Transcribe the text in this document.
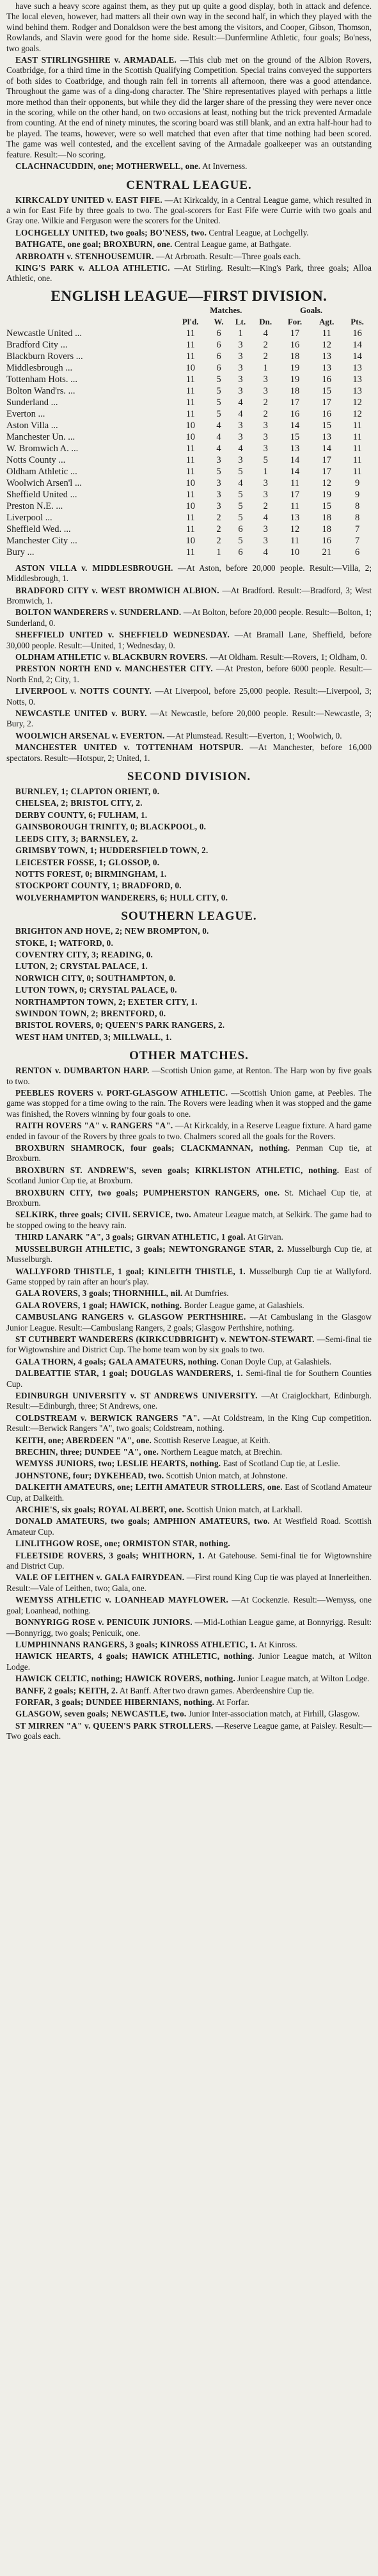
have such a heavy score against them, as they put up quite a good display, both in attack and defence. The local eleven, however, had matters all their own way in the second half, in which they played with the wind behind them. Rodger and Donaldson were the best among the visitors, and Cooper, Gibson, Thomson, Rowlands, and Slavin were good for the home side. Result:—Dunfermline Athletic, four goals; Bo'ness, two goals.

EAST STIRLINGSHIRE v. ARMADALE. —This club met on the ground of the Albion Rovers, Coatbridge, for a third time in the Scottish Qualifying Competition. Special trains conveyed the supporters of both sides to Coatbridge, and though rain fell in torrents all afternoon, there was a good attendance. Throughout the game was of a ding-dong character. The 'Shire representatives played with perhaps a little more method than their opponents, but while they did the larger share of the pressing they were never once in the scoring, while on the other hand, on two occasions at least, nothing but the trick prevented Armadale from counting. At the end of ninety minutes, the scoring board was still blank, and an extra half-hour had to be played. The teams, however, were so well matched that even after that time nothing had been scored. The game was well contested, and the excellent saving of the Armadale goalkeeper was an outstanding feature. Result:—No scoring.

CLACHNACUDDIN, one; MOTHERWELL, one. At Inverness.

CENTRAL LEAGUE.

KIRKCALDY UNITED v. EAST FIFE. —At Kirkcaldy, in a Central League game, which resulted in a win for East Fife by three goals to two. The goal-scorers for East Fife were Currie with two goals and Gray one. Wilkie and Ferguson were the scorers for the United.

LOCHGELLY UNITED, two goals; BO'NESS, two. Central League, at Lochgelly.

BATHGATE, one goal; BROXBURN, one. Central League game, at Bathgate.

ARBROATH v. STENHOUSEMUIR. —At Arbroath. Result:—Three goals each.

KING'S PARK v. ALLOA ATHLETIC. —At Stirling. Result:—King's Park, three goals; Alloa Athletic, one.

ENGLISH LEAGUE—FIRST DIVISION.
	Matches.				Goals.		
	Pl'd.	W.	Lt.	Dn.	For.	Agt.	Pts.
Newcastle United ...	11	6	1	4	17	11	16
Bradford City ...	11	6	3	2	16	12	14
Blackburn Rovers ...	11	6	3	2	18	13	14
Middlesbrough ...	10	6	3	1	19	13	13
Tottenham Hots. ...	11	5	3	3	19	16	13
Bolton Wand'rs. ...	11	5	3	3	18	15	13
Sunderland ...	11	5	4	2	17	17	12
Everton ...	11	5	4	2	16	16	12
Aston Villa ...	10	4	3	3	14	15	11
Manchester Un. ...	10	4	3	3	15	13	11
W. Bromwich A. ...	11	4	4	3	13	14	11
Notts County ...	11	3	3	5	14	17	11
Oldham Athletic ...	11	5	5	1	14	17	11
Woolwich Arsen'l ...	10	3	4	3	11	12	9
Sheffield United ...	11	3	5	3	17	19	9
Preston N.E. ...	10	3	5	2	11	15	8
Liverpool ...	11	2	5	4	13	18	8
Sheffield Wed. ...	11	2	6	3	12	18	7
Manchester City ...	10	2	5	3	11	16	7
Bury ...	11	1	6	4	10	21	6

ASTON VILLA v. MIDDLESBROUGH. —At Aston, before 20,000 people. Result:—Villa, 2; Middlesbrough, 1.

BRADFORD CITY v. WEST BROMWICH ALBION. —At Bradford. Result:—Bradford, 3; West Bromwich, 1.

BOLTON WANDERERS v. SUNDERLAND. —At Bolton, before 20,000 people. Result:—Bolton, 1; Sunderland, 0.

SHEFFIELD UNITED v. SHEFFIELD WEDNESDAY. —At Bramall Lane, Sheffield, before 30,000 people. Result:—United, 1; Wednesday, 0.

OLDHAM ATHLETIC v. BLACKBURN ROVERS. —At Oldham. Result:—Rovers, 1; Oldham, 0.

PRESTON NORTH END v. MANCHESTER CITY. —At Preston, before 6000 people. Result:—North End, 2; City, 1.

LIVERPOOL v. NOTTS COUNTY. —At Liverpool, before 25,000 people. Result:—Liverpool, 3; Notts, 0.

NEWCASTLE UNITED v. BURY. —At Newcastle, before 20,000 people. Result:—Newcastle, 3; Bury, 2.

WOOLWICH ARSENAL v. EVERTON. —At Plumstead. Result:—Everton, 1; Woolwich, 0.

MANCHESTER UNITED v. TOTTENHAM HOTSPUR. —At Manchester, before 16,000 spectators. Result:—Hotspur, 2; United, 1.

SECOND DIVISION.

BURNLEY, 1; CLAPTON ORIENT, 0.

CHELSEA, 2; BRISTOL CITY, 2.

DERBY COUNTY, 6; FULHAM, 1.

GAINSBOROUGH TRINITY, 0; BLACKPOOL, 0.

LEEDS CITY, 3; BARNSLEY, 2.

GRIMSBY TOWN, 1; HUDDERSFIELD TOWN, 2.

LEICESTER FOSSE, 1; GLOSSOP, 0.

NOTTS FOREST, 0; BIRMINGHAM, 1.

STOCKPORT COUNTY, 1; BRADFORD, 0.

WOLVERHAMPTON WANDERERS, 6; HULL CITY, 0.

SOUTHERN LEAGUE.

BRIGHTON AND HOVE, 2; NEW BROMPTON, 0.

STOKE, 1; WATFORD, 0.

COVENTRY CITY, 3; READING, 0.

LUTON, 2; CRYSTAL PALACE, 1.

NORWICH CITY, 0; SOUTHAMPTON, 0.

LUTON TOWN, 0; CRYSTAL PALACE, 0.

NORTHAMPTON TOWN, 2; EXETER CITY, 1.

SWINDON TOWN, 2; BRENTFORD, 0.

BRISTOL ROVERS, 0; QUEEN'S PARK RANGERS, 2.

WEST HAM UNITED, 3; MILLWALL, 1.

OTHER MATCHES.

RENTON v. DUMBARTON HARP. —Scottish Union game, at Renton. The Harp won by five goals to two.

PEEBLES ROVERS v. PORT-GLASGOW ATHLETIC. —Scottish Union game, at Peebles. The game was stopped for a time owing to the rain. The Rovers were leading when it was stopped and the game was finished, the Rovers winning by four goals to one.

RAITH ROVERS "A" v. RANGERS "A". —At Kirkcaldy, in a Reserve League fixture. A hard game ended in favour of the Rovers by three goals to two. Chalmers scored all the goals for the Rovers.

BROXBURN SHAMROCK, four goals; CLACKMANNAN, nothing. Penman Cup tie, at Broxburn.

BROXBURN ST. ANDREW'S, seven goals; KIRKLISTON ATHLETIC, nothing. East of Scotland Junior Cup tie, at Broxburn.

BROXBURN CITY, two goals; PUMPHERSTON RANGERS, one. St. Michael Cup tie, at Broxburn.

SELKIRK, three goals; CIVIL SERVICE, two. Amateur League match, at Selkirk. The game had to be stopped owing to the heavy rain.

THIRD LANARK "A", 3 goals; GIRVAN ATHLETIC, 1 goal. At Girvan.

MUSSELBURGH ATHLETIC, 3 goals; NEWTONGRANGE STAR, 2. Musselburgh Cup tie, at Musselburgh.

WALLYFORD THISTLE, 1 goal; KINLEITH THISTLE, 1. Musselburgh Cup tie at Wallyford. Game stopped by rain after an hour's play.

GALA ROVERS, 3 goals; THORNHILL, nil. At Dumfries.

GALA ROVERS, 1 goal; HAWICK, nothing. Border League game, at Galashiels.

CAMBUSLANG RANGERS v. GLASGOW PERTHSHIRE. —At Cambuslang in the Glasgow Junior League. Result:—Cambuslang Rangers, 2 goals; Glasgow Perthshire, nothing.

ST CUTHBERT WANDERERS (KIRKCUDBRIGHT) v. NEWTON-STEWART. —Semi-final tie for Wigtownshire and District Cup. The home team won by six goals to two.

GALA THORN, 4 goals; GALA AMATEURS, nothing. Conan Doyle Cup, at Galashiels.

DALBEATTIE STAR, 1 goal; DOUGLAS WANDERERS, 1. Semi-final tie for Southern Counties Cup.

EDINBURGH UNIVERSITY v. ST ANDREWS UNIVERSITY. —At Craiglockhart, Edinburgh. Result:—Edinburgh, three; St Andrews, one.

COLDSTREAM v. BERWICK RANGERS "A". —At Coldstream, in the King Cup competition. Result:—Berwick Rangers "A", two goals; Coldstream, nothing.

KEITH, one; ABERDEEN "A", one. Scottish Reserve League, at Keith.

BRECHIN, three; DUNDEE "A", one. Northern League match, at Brechin.

WEMYSS JUNIORS, two; LESLIE HEARTS, nothing. East of Scotland Cup tie, at Leslie.

JOHNSTONE, four; DYKEHEAD, two. Scottish Union match, at Johnstone.

DALKEITH AMATEURS, one; LEITH AMATEUR STROLLERS, one. East of Scotland Amateur Cup, at Dalkeith.

ARCHIE'S, six goals; ROYAL ALBERT, one. Scottish Union match, at Larkhall.

DONALD AMATEURS, two goals; AMPHION AMATEURS, two. At Westfield Road. Scottish Amateur Cup.

LINLITHGOW ROSE, one; ORMISTON STAR, nothing.

FLEETSIDE ROVERS, 3 goals; WHITHORN, 1. At Gatehouse. Semi-final tie for Wigtownshire and District Cup.

VALE OF LEITHEN v. GALA FAIRYDEAN. —First round King Cup tie was played at Innerleithen. Result:—Vale of Leithen, two; Gala, one.

WEMYSS ATHLETIC v. LOANHEAD MAYFLOWER. —At Cockenzie. Result:—Wemyss, one goal; Loanhead, nothing.

BONNYRIGG ROSE v. PENICUIK JUNIORS. —Mid-Lothian League game, at Bonnyrigg. Result:—Bonnyrigg, two goals; Penicuik, one.

LUMPHINNANS RANGERS, 3 goals; KINROSS ATHLETIC, 1. At Kinross.

HAWICK HEARTS, 4 goals; HAWICK ATHLETIC, nothing. Junior League match, at Wilton Lodge.

HAWICK CELTIC, nothing; HAWICK ROVERS, nothing. Junior League match, at Wilton Lodge.

BANFF, 2 goals; KEITH, 2. At Banff. After two drawn games. Aberdeenshire Cup tie.

FORFAR, 3 goals; DUNDEE HIBERNIANS, nothing. At Forfar.

GLASGOW, seven goals; NEWCASTLE, two. Junior Inter-association match, at Firhill, Glasgow.

ST MIRREN "A" v. QUEEN'S PARK STROLLERS. —Reserve League game, at Paisley. Result:—Two goals each.
